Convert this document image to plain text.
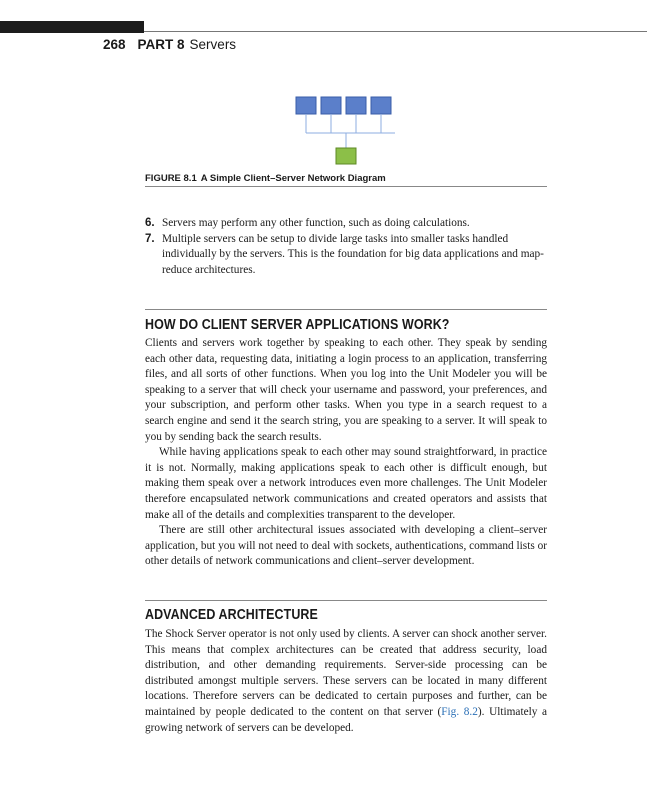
268 PART 8 Servers
FIGURE 8.1 A Simple Client–Server Network Diagram
6. Servers may perform any other function, such as doing calculations.
7. Multiple servers can be setup to divide large tasks into smaller tasks handled individually by the servers. This is the foundation for big data applications and map-reduce architectures.
HOW DO CLIENT SERVER APPLICATIONS WORK?

Clients and servers work together by speaking to each other. They speak by sending each other data, requesting data, initiating a login process to an application, transferring files, and all sorts of other functions. When you log into the Unit Modeler you will be speaking to a server that will check your username and password, your preferences, and your subscription, and perform other tasks. When you type in a search request to a search engine and send it the search string, you are speaking to a server. It will speak to you by sending back the search results.

While having applications speak to each other may sound straightforward, in practice it is not. Normally, making applications speak to each other is difficult enough, but making them speak over a network introduces even more challenges. The Unit Modeler therefore encapsulated network communications and created operators and assists that make all of the details and complexities transparent to the developer.

There are still other architectural issues associated with developing a client–server application, but you will not need to deal with sockets, authentications, command lists or other details of network communications and client–server development.

ADVANCED ARCHITECTURE

The Shock Server operator is not only used by clients. A server can shock another server. This means that complex architectures can be created that address security, load distribution, and other demanding requirements. Server-side processing can be distributed amongst multiple servers. These servers can be located in many different locations. Therefore servers can be dedicated to certain purposes and further, can be maintained by people dedicated to the content on that server (Fig. 8.2). Ultimately a growing network of servers can be developed.
